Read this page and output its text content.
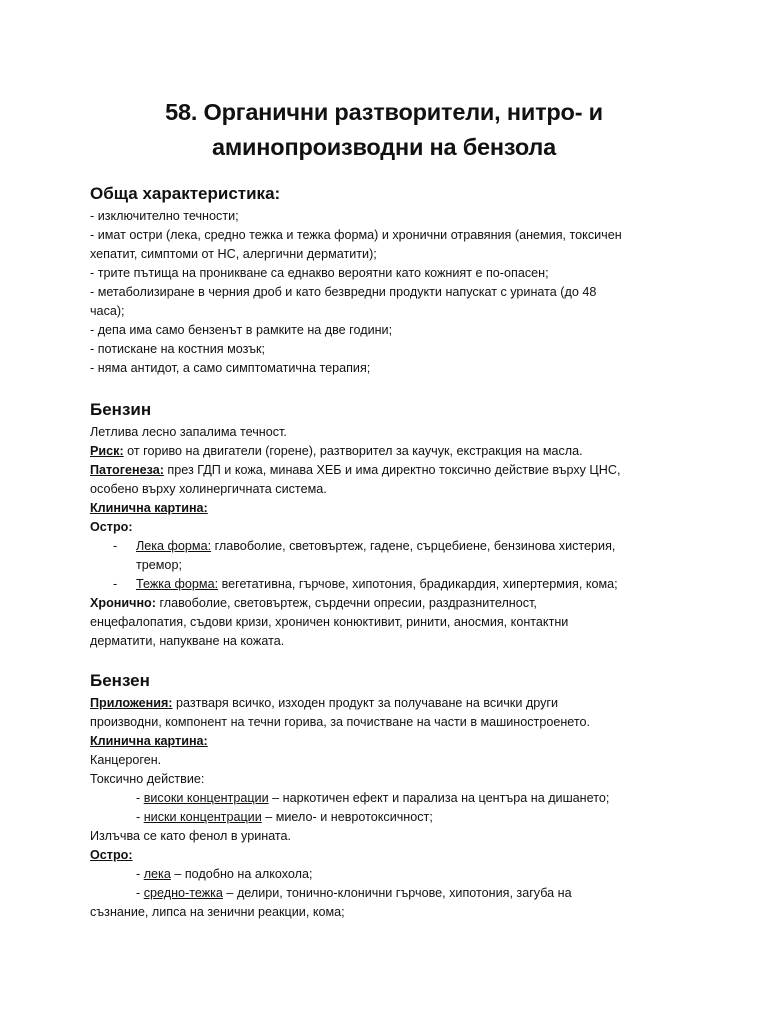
58. Органични разтворители, нитро- и
аминопроизводни на бензола
Обща характеристика:
- изключително течности;
- имат остри (лека, средно тежка и тежка форма) и хронични отравяния (анемия, токсичен
хепатит, симптоми от НС, алергични дерматити);
- трите пътища на проникване са еднакво вероятни като кожният е по-опасен;
- метаболизиране в черния дроб и като безвредни продукти напускат с урината (до 48
часа);
- депа има само бензенът в рамките на две години;
- потискане на костния мозък;
- няма антидот, а само симптоматична терапия;
Бензин
Летлива лесно запалима течност.
Риск: от гориво на двигатели (горене), разтворител за каучук, екстракция на масла.
Патогенеза: през ГДП и кожа, минава ХЕБ и има директно токсично действие върху ЦНС,
особено върху холинергичната система.
Клинична картина:
Остро:
- Лека форма: главоболие, световъртеж, гадене, сърцебиене, бензинова хистерия,
тремор;
- Тежка форма: вегетативна, гърчове, хипотония, брадикардия, хипертермия, кома;
Хронично: главоболие, световъртеж, сърдечни опресии, раздразнителност,
енцефалопатия, съдови кризи, хроничен конюктивит, ринити, аносмия, контактни
дерматити, напукване на кожата.
Бензен
Приложения: разтваря всичко, изходен продукт за получаване на всички други
производни, компонент на течни горива, за почистване на части в машиностроенето.
Клинична картина:
Канцероген.
Токсично действие:
- високи концентрации – наркотичен ефект и парализа на центъра на дишането;
- ниски концентрации – миело- и невротоксичност;
Излъчва се като фенол в урината.
Остро:
- лека – подобно на алкохола;
- средно-тежка – делири, тонично-клонични гърчове, хипотония, загуба на
съзнание, липса на зенични реакции, кома;
